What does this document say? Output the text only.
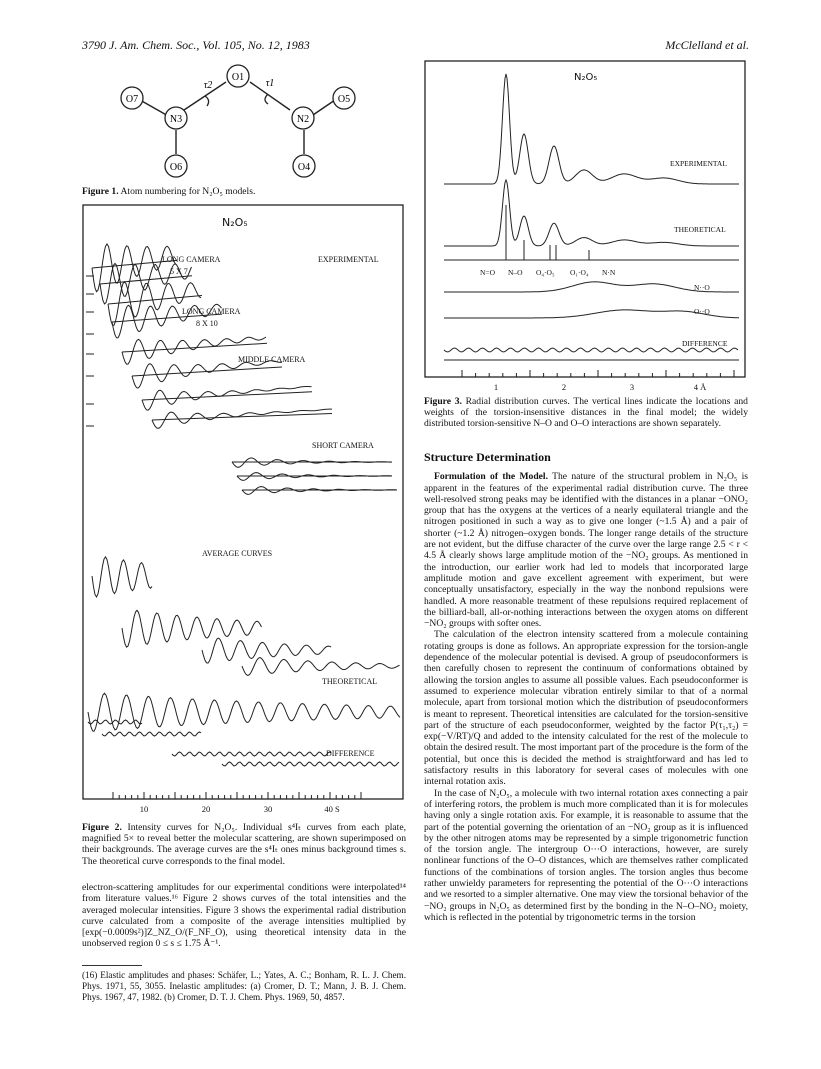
3790 J. Am. Chem. Soc., Vol. 105, No. 12, 1983	McClelland et al.
O7
N3
O6
O1
N2
O4
O5
τ2	τ1
Figure 1. Atom numbering for N₂O₅ models.
N₂O₅
LONG CAMERA
5 X 7
EXPERIMENTAL
LONG CAMERA
8 X 10
MIDDLE CAMERA
SHORT CAMERA
AVERAGE CURVES
THEORETICAL
DIFFERENCE
10	20	30	40 S
Figure 2. Intensity curves for N₂O₅. Individual s⁴Iₜ curves from each plate, magnified 5× to reveal better the molecular scattering, are shown superimposed on their backgrounds. The average curves are the s⁴Iₜ ones minus background times s. The theoretical curve corresponds to the final model.

electron-scattering amplitudes for our experimental conditions were interpolated¹⁴ from literature values.¹⁶ Figure 2 shows curves of the total intensities and the averaged molecular intensities. Figure 3 shows the experimental radial distribution curve calculated from a composite of the average intensities multiplied by [exp(−0.0009s²)]Z_NZ_O/(F_NF_O), using theoretical intensity data in the unobserved region 0 ≤ s ≤ 1.75 Å⁻¹.

(16) Elastic amplitudes and phases: Schäfer, L.; Yates, A. C.; Bonham, R. L. J. Chem. Phys. 1971, 55, 3055. Inelastic amplitudes: (a) Cromer, D. T.; Mann, J. B. J. Chem. Phys. 1967, 47, 1982. (b) Cromer, D. T. J. Chem. Phys. 1969, 50, 4857.
N₂O₅
EXPERIMENTAL
THEORETICAL
N··O
O··O
DIFFERENCE
N=O N–O O₄·O₅ O₁·O₄ N·N
1	2	3	4 Å
Figure 3. Radial distribution curves. The vertical lines indicate the locations and weights of the torsion-insensitive distances in the final model; the widely distributed torsion-sensitive N–O and O–O interactions are shown separately.
Structure Determination

Formulation of the Model. The nature of the structural problem in N₂O₅ is apparent in the features of the experimental radial distribution curve. The three well-resolved strong peaks may be identified with the distances in a planar −ONO₂ group that has the oxygens at the vertices of a nearly equilateral triangle and the nitrogen positioned in such a way as to give one longer (~1.5 Å) and a pair of shorter (~1.2 Å) nitrogen–oxygen bonds. The longer range details of the structure are not evident, but the diffuse character of the curve over the large range 2.5 < r < 4.5 Å clearly shows large amplitude motion of the −NO₂ groups. As mentioned in the introduction, our earlier work had led to models that incorporated large amplitude motion and gave excellent agreement with experiment, but were conceptually unsatisfactory, especially in the way the nonbond repulsions were handled. A more reasonable treatment of these repulsions required replacement of the billiard-ball, all-or-nothing interactions between the oxygen atoms on different −NO₂ groups with softer ones.

The calculation of the electron intensity scattered from a molecule containing rotating groups is done as follows. An appropriate expression for the torsion-angle dependence of the molecular potential is devised. A group of pseudoconformers is then carefully chosen to represent the continuum of conformations obtained by allowing the torsion angles to assume all possible values. Each pseudoconformer is assumed to experience molecular vibration entirely similar to that of a normal molecule, apart from torsional motion which the distribution of pseudoconformers is meant to represent. Theoretical intensities are calculated for the torsion-sensitive part of the structure of each pseudoconformer, weighted by the factor P(τ₁,τ₂) = exp(−V/RT)/Q and added to the intensity calculated for the rest of the molecule to obtain the desired result. The most important part of the procedure is the form of the potential, but once this is decided the method is straightforward and has led to satisfactory results in this laboratory for several cases of molecules with one internal rotation axis.

In the case of N₂O₅, a molecule with two internal rotation axes connecting a pair of interfering rotors, the problem is much more complicated than it is for molecules having only a single rotation axis. For example, it is reasonable to assume that the part of the potential governing the orientation of an −NO₂ group as it is influenced by the other nitrogen atoms may be represented by a simple trigonometric function of the torsion angle. The intergroup O···O interactions, however, are surely nonlinear functions of the O–O distances, which are themselves rather complicated functions of the combinations of torsion angles. The torsion angles thus become rather unwieldy parameters for representing the potential of the O···O interactions and we resorted to a simpler alternative. One may view the torsional behavior of the −NO₂ groups in N₂O₅ as determined first by the bonding in the N–O–NO₂ moiety, which is reflected in the potential by trigonometric terms in the torsion
